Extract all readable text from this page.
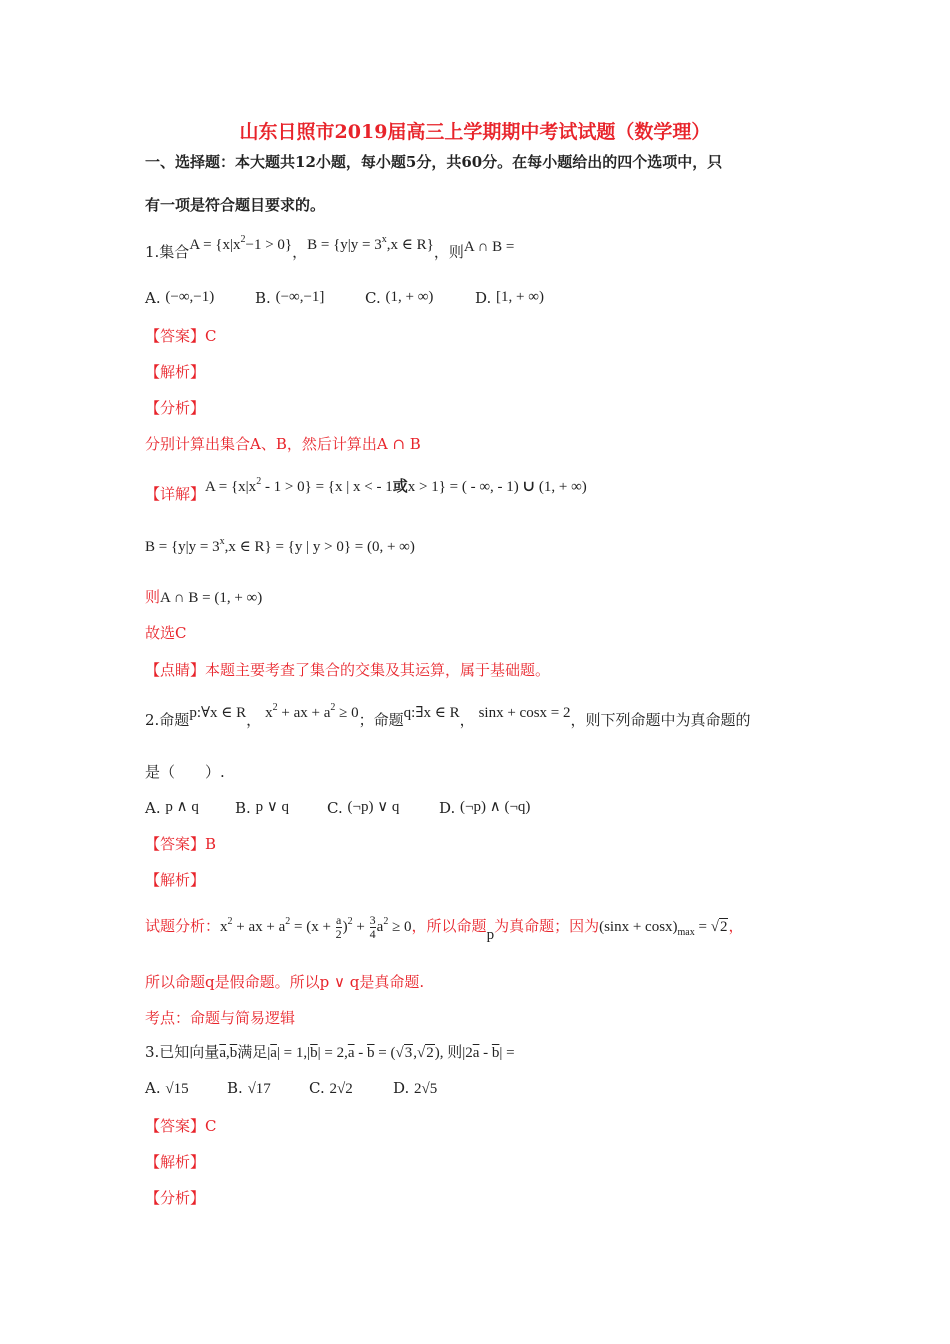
山东日照市2019届高三上学期期中考试试题（数学理）
一、选择题：本大题共12小题，每小题5分，共60分。在每小题给出的四个选项中，只
有一项是符合题目要求的。
1.集合$A = \{x|x^2-1 > 0\}$，$B = \{y|y = 3^x,x$ ∈ R}，则A ∩ B =
A. (−∞,−1)	B. (−∞,−1]	C. (1, + ∞)	D. [1, + ∞)
【答案】C
【解析】
【分析】
分别计算出集合A、B，然后计算出A ∩ B
【详解】$A = \{x|x^2 - 1 > 0\} = \{x$ | x < - 1或x > 1} = ( - ∞, - 1) ∪ (1, + ∞)
$B = \{y|y = 3^x,x$ ∈ R} = {y | y > 0} = (0, + ∞)
则A ∩ B = (1, + ∞)
故选C
【点睛】本题主要考查了集合的交集及其运算，属于基础题。
2.命题p:∀x ∈ R， $x^2$ + ax + $a^2 \ge 0$；命题q:∃x ∈ R， sinx + cosx = 2，则下列命题中为真命题的
是（　　）.
A. p ∧ q B. p ∨ q	C. (¬p) ∨ q	D. (¬p) ∧ (¬q)
【答案】B
【解析】
试题分析：$x^2$ + ax + $a^2 = (x + \frac{a}{2} )^2 + \frac{3}{4} a^2 \ge 0$，所以命题p为真命题；因为$(\sin x + \cos x)_{max} = √2$，
所以命题q是假命题。所以p ∨ q是真命题.
考点：命题与简易逻辑
3.已知向量$\overline{a},\overline{b}$满足$|\overline{a}| = 1,|\overline{b}| = 2,\overline{a} - \overline{b} = (√3,√2)$, 则$|2\overline{a} - \overline{b}|$ =
A. √15	B. √17	C. 2√2	D. 2√5
【答案】C
【解析】
【分析】
